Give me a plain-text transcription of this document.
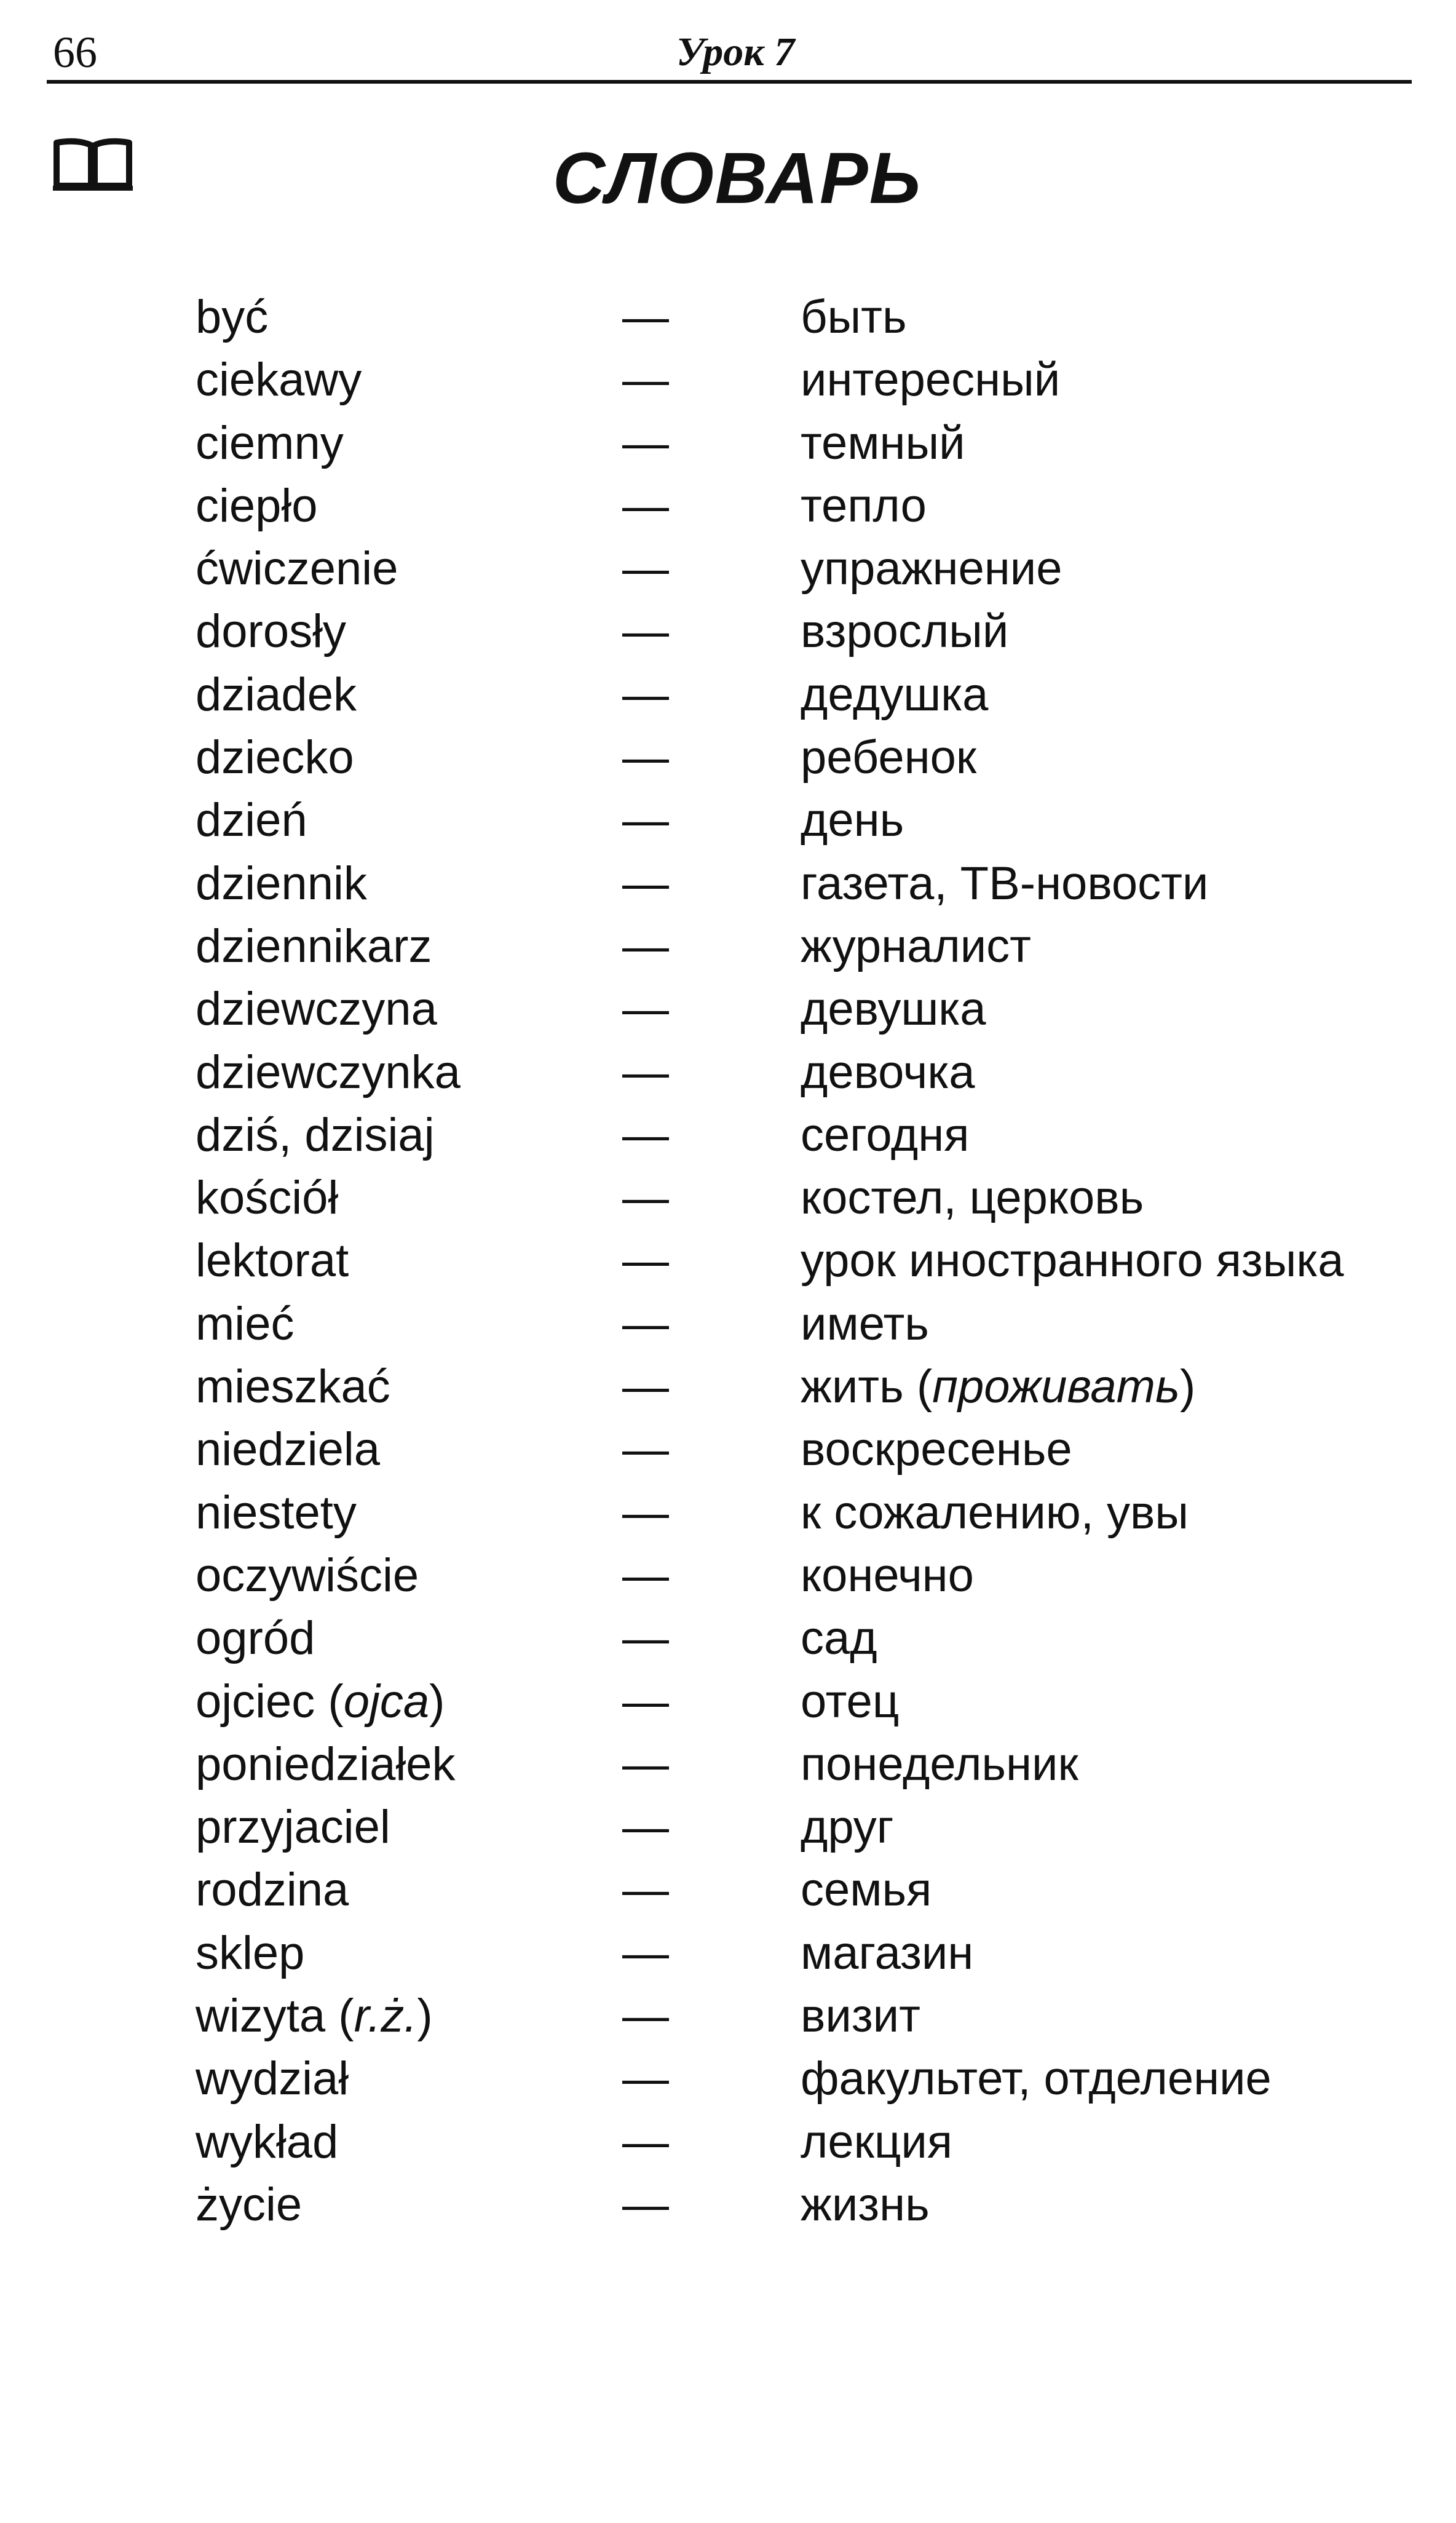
66	Урок 7
СЛОВАРЬ
być	—	быть
ciekawy	—	интересный
ciemny	—	темный
ciepło	—	тепло
ćwiczenie	—	упражнение
dorosły	—	взрослый
dziadek	—	дедушка
dziecko	—	ребенок
dzień	—	день
dziennik	—	газета, ТВ-новости
dziennikarz	—	журналист
dziewczyna	—	девушка
dziewczynka	—	девочка
dziś, dzisiaj	—	сегодня
kościół	—	костел, церковь
lektorat	—	урок иностранного языка
mieć	—	иметь
mieszkać	—	жить (проживать)
niedziela	—	воскресенье
niestety	—	к сожалению, увы
oczywiście	—	конечно
ogród	—	сад
ojciec (ojca)	—	отец
poniedziałek	—	понедельник
przyjaciel	—	друг
rodzina	—	семья
sklep	—	магазин
wizyta (r.ż.)	—	визит
wydział	—	факультет, отделение
wykład	—	лекция
życie	—	жизнь
